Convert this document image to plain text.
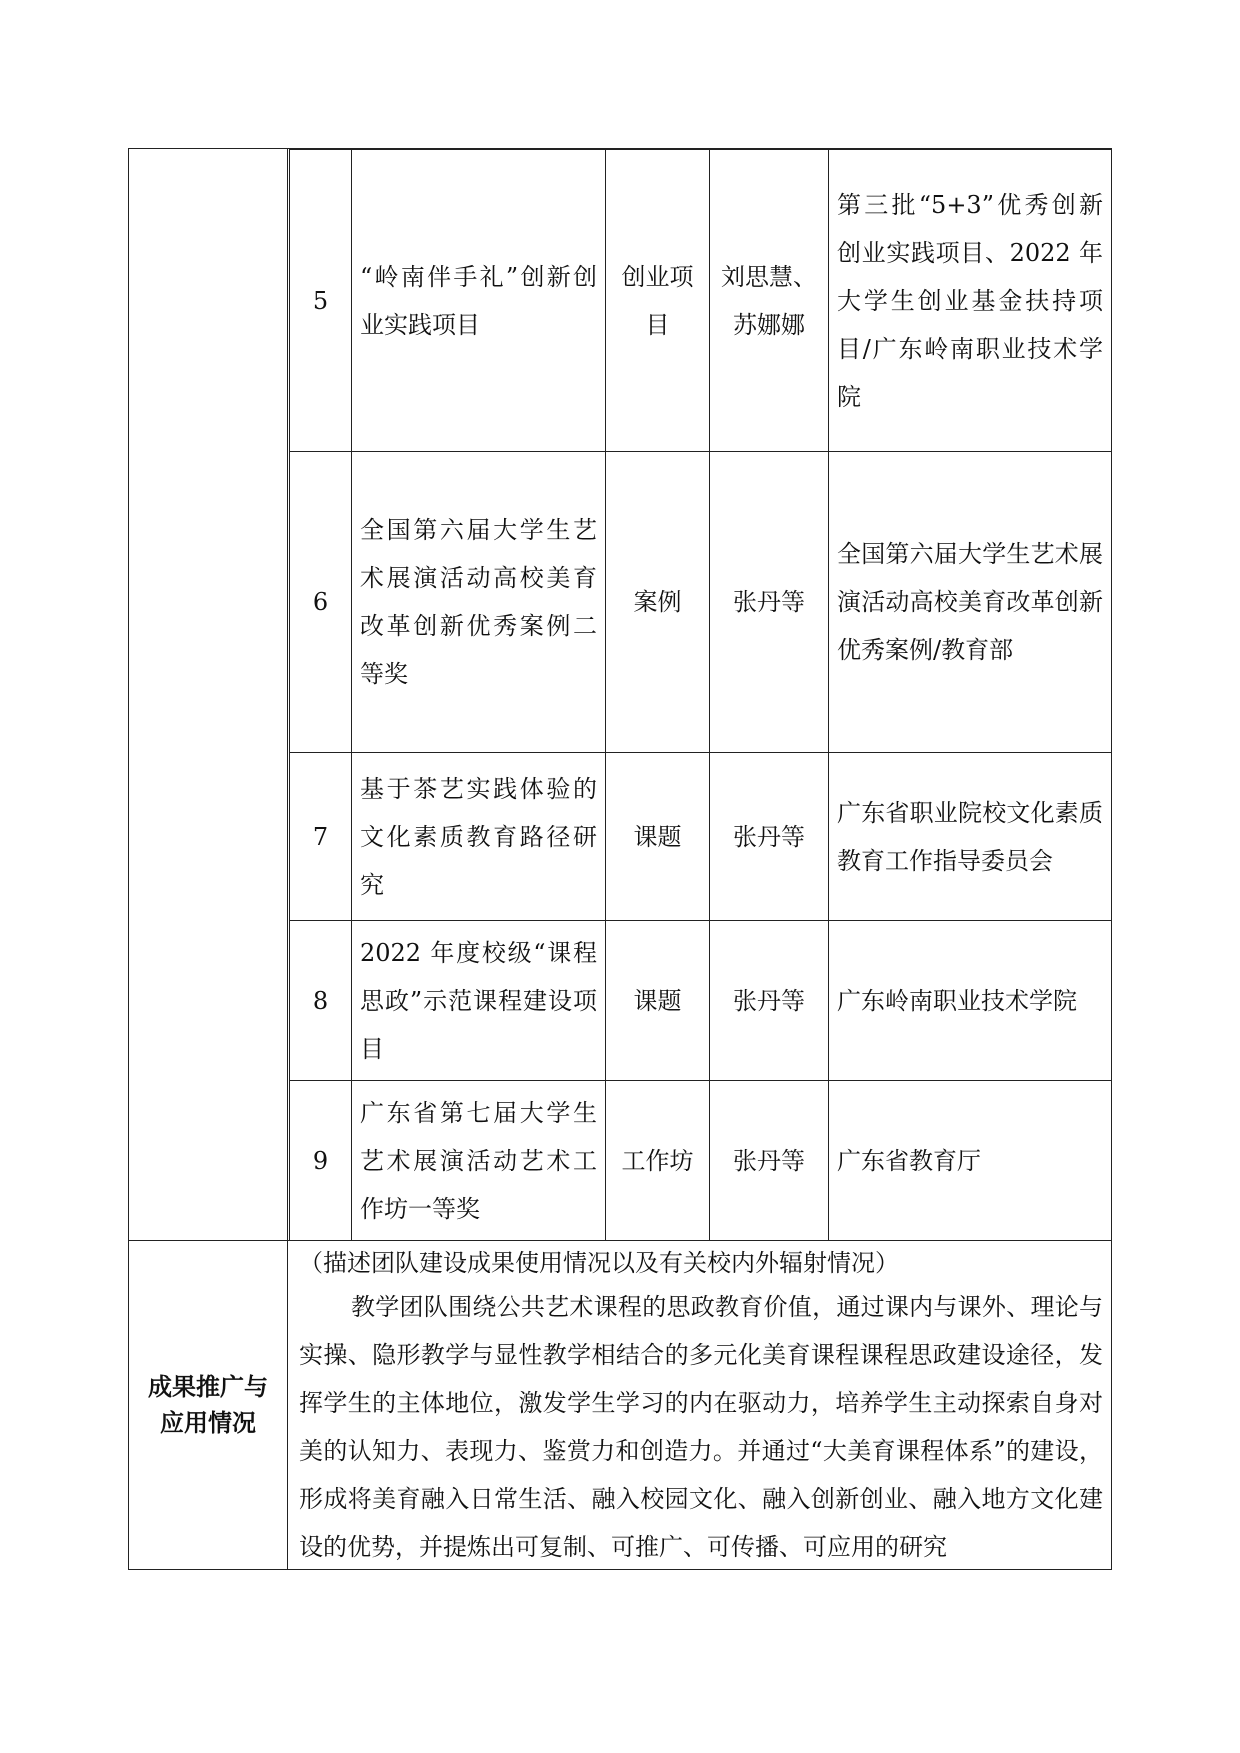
5	“岭南伴手礼”创新创业实践项目	创业项目	刘思慧、苏娜娜	第三批“5+3”优秀创新创业实践项目、2022 年大学生创业基金扶持项目/广东岭南职业技术学院
6	全国第六届大学生艺术展演活动高校美育改革创新优秀案例二等奖	案例	张丹等	全国第六届大学生艺术展演活动高校美育改革创新优秀案例/教育部
7	基于茶艺实践体验的文化素质教育路径研究	课题	张丹等	广东省职业院校文化素质教育工作指导委员会
8	2022 年度校级“课程思政”示范课程建设项目	课题	张丹等	广东岭南职业技术学院
9	广东省第七届大学生艺术展演活动艺术工作坊一等奖	工作坊	张丹等	广东省教育厅
成果推广与应用情况
（描述团队建设成果使用情况以及有关校内外辐射情况）
教学团队围绕公共艺术课程的思政教育价值，通过课内与课外、理论与实操、隐形教学与显性教学相结合的多元化美育课程课程思政建设途径，发挥学生的主体地位，激发学生学习的内在驱动力，培养学生主动探索自身对美的认知力、表现力、鉴赏力和创造力。并通过“大美育课程体系”的建设，形成将美育融入日常生活、融入校园文化、融入创新创业、融入地方文化建设的优势，并提炼出可复制、可推广、可传播、可应用的研究
